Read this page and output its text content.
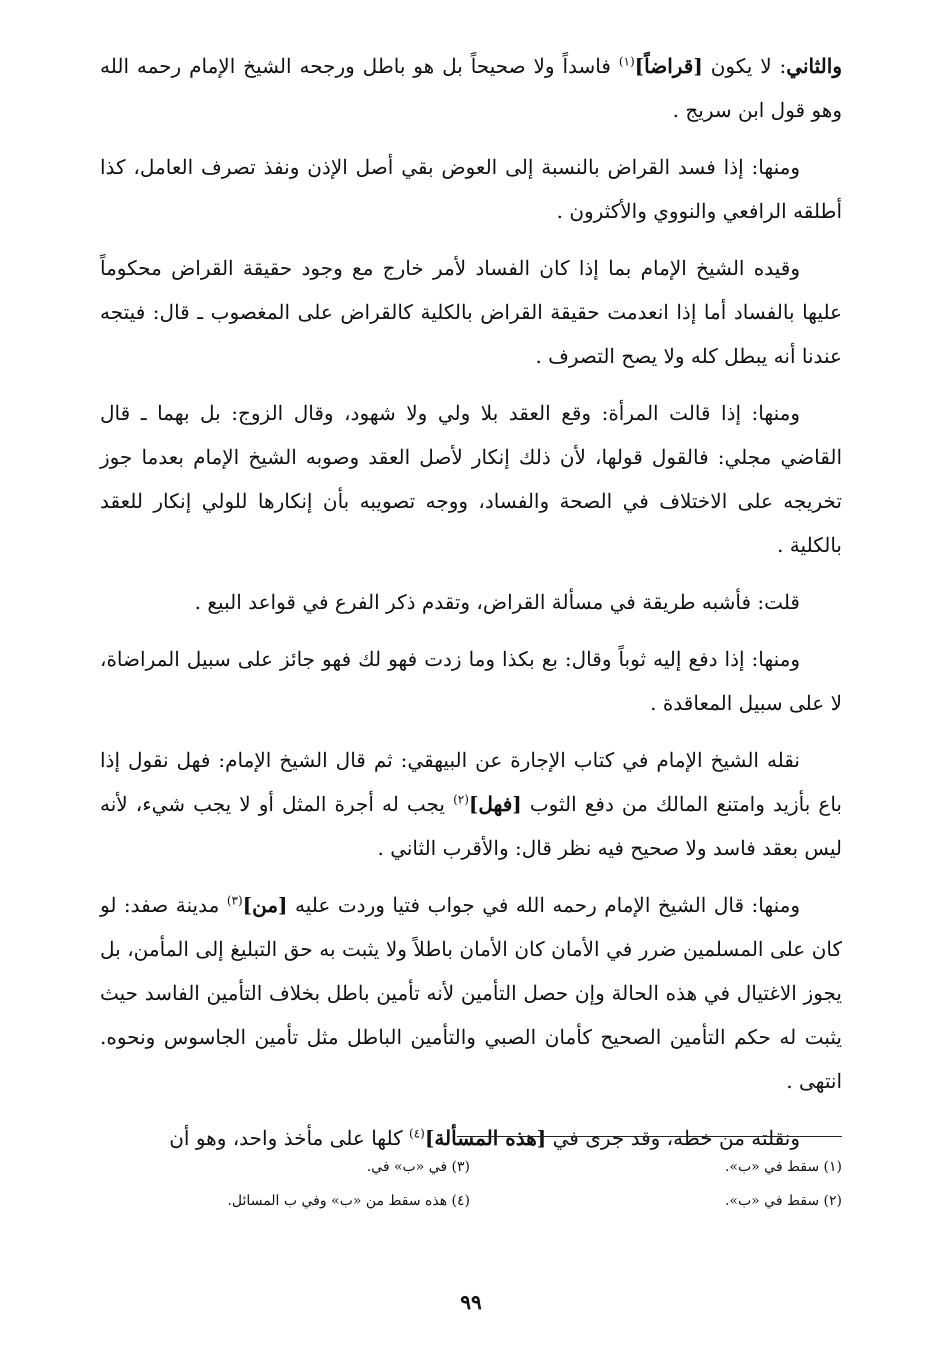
والثاني: لا يكون [قراضاً]$^{(١)}$ فاسداً ولا صحيحاً بل هو باطل ورجحه الشيخ الإمام رحمه الله وهو قول ابن سريج .

ومنها: إذا فسد القراض بالنسبة إلى العوض بقي أصل الإذن ونفذ تصرف العامل، كذا أطلقه الرافعي والنووي والأكثرون .

وقيده الشيخ الإمام بما إذا كان الفساد لأمر خارج مع وجود حقيقة القراض محكوماً عليها بالفساد أما إذا انعدمت حقيقة القراض بالكلية كالقراض على المغصوب ـ قال: فيتجه عندنا أنه يبطل كله ولا يصح التصرف .

ومنها: إذا قالت المرأة: وقع العقد بلا ولي ولا شهود، وقال الزوج: بل بهما ـ قال القاضي مجلي: فالقول قولها، لأن ذلك إنكار لأصل العقد وصوبه الشيخ الإمام بعدما جوز تخريجه على الاختلاف في الصحة والفساد، ووجه تصويبه بأن إنكارها للولي إنكار للعقد بالكلية .

قلت: فأشبه طريقة في مسألة القراض، وتقدم ذكر الفرع في قواعد البيع .

ومنها: إذا دفع إليه ثوباً وقال: بع بكذا وما زدت فهو لك فهو جائز على سبيل المراضاة، لا على سبيل المعاقدة .

نقله الشيخ الإمام في كتاب الإجارة عن البيهقي: ثم قال الشيخ الإمام: فهل نقول إذا باع بأزيد وامتنع المالك من دفع الثوب [فهل]$^{(٢)}$ يجب له أجرة المثل أو لا يجب شيء، لأنه ليس بعقد فاسد ولا صحيح فيه نظر قال: والأقرب الثاني .

ومنها: قال الشيخ الإمام رحمه الله في جواب فتيا وردت عليه [من]$^{(٣)}$ مدينة صفد: لو كان على المسلمين ضرر في الأمان كان الأمان باطلاً ولا يثبت به حق التبليغ إلى المأمن، بل يجوز الاغتيال في هذه الحالة وإن حصل التأمين لأنه تأمين باطل بخلاف التأمين الفاسد حيث يثبت له حكم التأمين الصحيح كأمان الصبي والتأمين الباطل مثل تأمين الجاسوس ونحوه. انتهى .

ونقلته من خطه، وقد جرى في [هذه المسألة]$^{(٤)}$ كلها على مأخذ واحد، وهو أن

(١) سقط في «ب».
(٣) في «ب» في.
(٢) سقط في «ب».
(٤) هذه سقط من «ب» وفي ب المسائل.
٩٩
